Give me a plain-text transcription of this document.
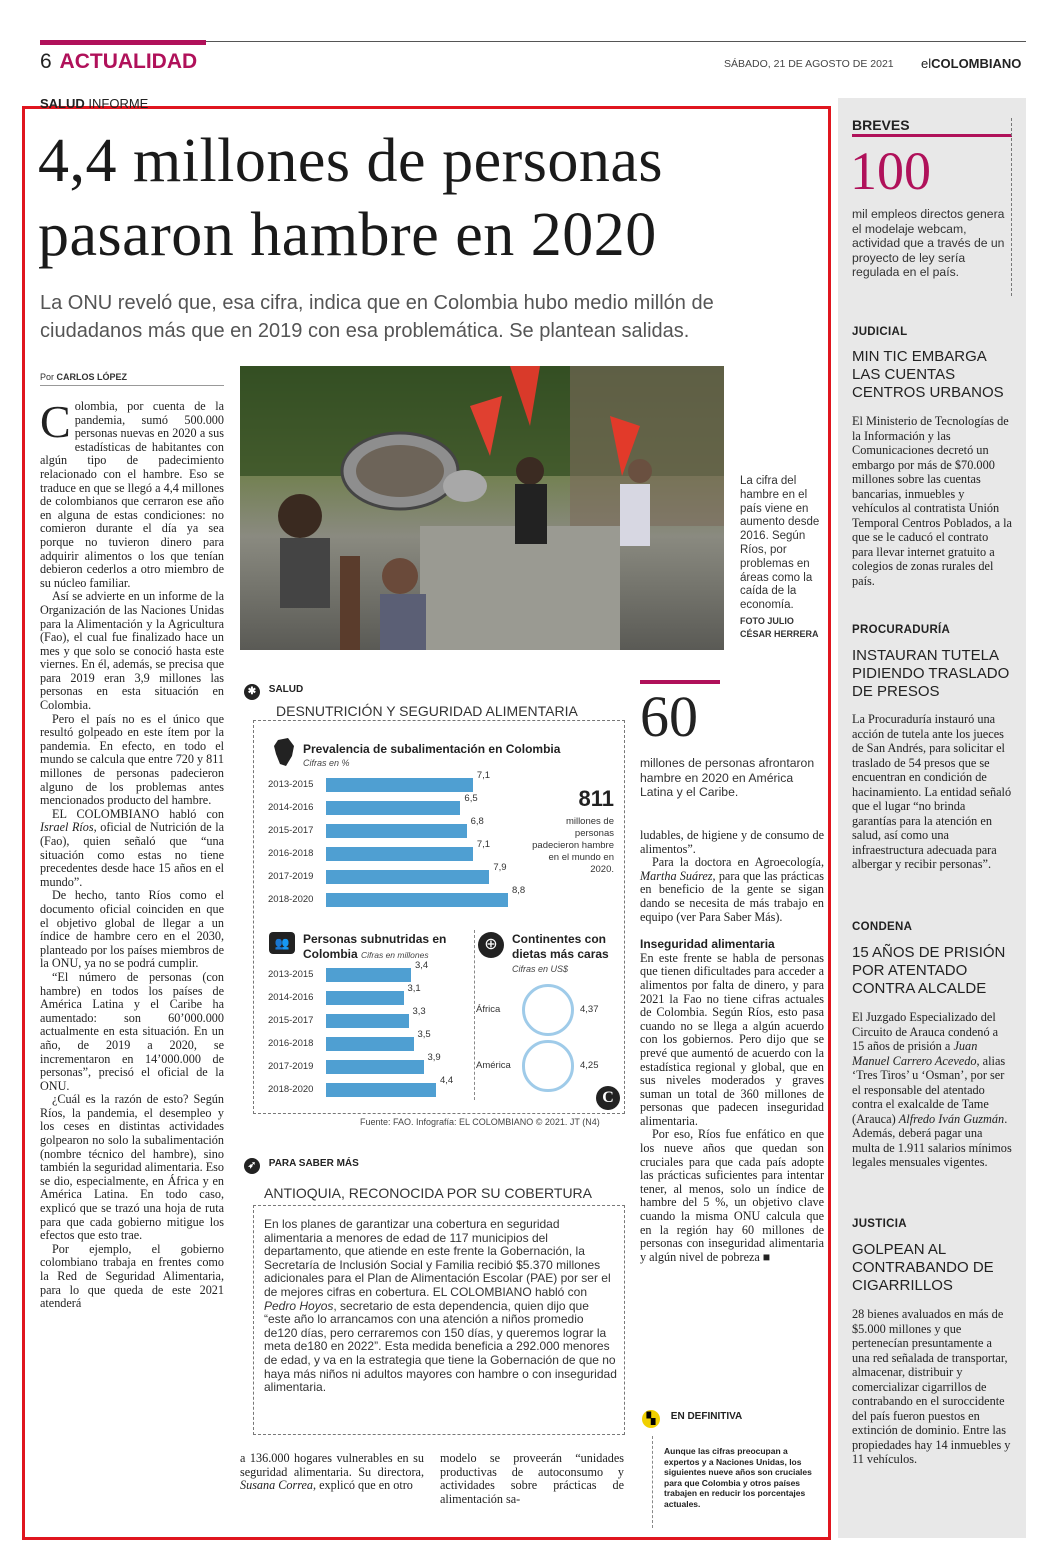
6 ACTUALIDAD	SÁBADO, 21 DE AGOSTO DE 2021 elCOLOMBIANO
SALUD INFORME
4,4 millones de personas
pasaron hambre en 2020
La ONU reveló que, esa cifra, indica que en Colombia hubo medio millón de
ciudadanos más que en 2019 con esa problemática. Se plantean salidas.
Por CARLOS LÓPEZ

Colombia, por cuenta de la pandemia, sumó 500.000 personas nuevas en 2020 a sus estadísticas de habitantes con algún tipo de padecimiento relacionado con el hambre. Eso se traduce en que se llegó a 4,4 millones de colombianos que cerraron ese año en alguna de estas condiciones: no comieron durante el día ya sea porque no tuvieron dinero para adquirir alimentos o los que tenían debieron cederlos a otro miembro de su núcleo familiar.

Así se advierte en un informe de la Organización de las Naciones Unidas para la Alimentación y la Agricultura (Fao), el cual fue finalizado hace un mes y que solo se conoció hasta este viernes. En él, además, se precisa que para 2019 eran 3,9 millones las personas en esta situación en Colombia.

Pero el país no es el único que resultó golpeado en este ítem por la pandemia. En efecto, en todo el mundo se calcula que entre 720 y 811 millones de personas padecieron alguno de los problemas antes mencionados producto del hambre.

EL COLOMBIANO habló con Israel Ríos, oficial de Nutrición de la (Fao), quien señaló que “una situación como estas no tiene precedentes desde hace 15 años en el mundo”.

De hecho, tanto Ríos como el documento oficial coinciden en que el objetivo global de llegar a un índice de hambre cero en el 2030, planteado por los países miembros de la ONU, ya no se podrá cumplir.

“El número de personas (con hambre) en todos los países de América Latina y el Caribe ha aumentado: son 60’000.000 actualmente en esta situación. En un año, de 2019 a 2020, se incrementaron en 14’000.000 de personas”, precisó el oficial de la ONU.

¿Cuál es la razón de esto? Según Ríos, la pandemia, el desempleo y los ceses en distintas actividades golpearon no solo la subalimentación (nombre técnico del hambre), sino también la seguridad alimentaria. Eso se dio, especialmente, en África y en América Latina. En todo caso, explicó que se trazó una hoja de ruta para que cada gobierno mitigue los efectos que esto trae.

Por ejemplo, el gobierno colombiano trabaja en frentes como la Red de Seguridad Alimentaria, para lo que queda de este 2021 atenderá

La cifra del hambre en el país viene en aumento desde 2016. Según Ríos, por problemas en áreas como la caída de la economía.
FOTO JULIO CÉSAR HERRERA
✱ SALUD
DESNUTRICIÓN Y SEGURIDAD ALIMENTARIA
Prevalencia de subalimentación en Colombia
Cifras en %
2013-2015
7,1
2014-2016
6,5
2015-2017
6,8
2016-2018
7,1
2017-2019
7,9
2018-2020
8,8
811
millones de personas padecieron hambre en el mundo en 2020.
👥	Personas subnutridas en Colombia Cifras en millones
2013-2015
3,4
2014-2016
3,1
2015-2017
3,3
2016-2018
3,5
2017-2019
3,9
2018-2020
4,4
⊕	Continentes con dietas más caras
Cifras en US$
África	4,37
América	4,25
C
Fuente: FAO. Infografía: EL COLOMBIANO © 2021. JT (N4)
➶ PARA SABER MÁS
ANTIOQUIA, RECONOCIDA POR SU COBERTURA
En los planes de garantizar una cobertura en seguridad alimentaria a menores de edad de 117 municipios del departamento, que atiende en este frente la Gobernación, la Secretaría de Inclusión Social y Familia recibió $5.370 millones adicionales para el Plan de Alimentación Escolar (PAE) por ser el de mejores cifras en cobertura. EL COLOMBIANO habló con Pedro Hoyos, secretario de esta dependencia, quien dijo que “este año lo arrancamos con una atención a niños promedio de120 días, pero cerraremos con 150 días, y queremos lograr la meta de180 en 2022”. Esta medida beneficia a 292.000 menores de edad, y va en la estrategia que tiene la Gobernación de que no haya más niños ni adultos mayores con hambre o con inseguridad alimentaria.
a 136.000 hogares vulnerables en su seguridad alimentaria. Su directora, Susana Correa, explicó que en otro
modelo se proveerán “unidades productivas de autoconsumo y actividades sobre prácticas de alimentación sa-
60
millones de personas afrontaron hambre en 2020 en América Latina y el Caribe.

ludables, de higiene y de consumo de alimentos”.

Para la doctora en Agroecología, Martha Suárez, para que las prácticas en beneficio de la gente se sigan dando se necesita de más trabajo en equipo (ver Para Saber Más).

Inseguridad alimentaria

En este frente se habla de personas que tienen dificultades para acceder a alimentos por falta de dinero, y para 2021 la Fao no tiene cifras actuales de Colombia. Según Ríos, esto pasa cuando no se llega a algún acuerdo con los gobiernos. Pero dijo que se prevé que aumentó de acuerdo con la estadística regional y global, que en sus niveles moderados y graves suman un total de 360 millones de personas que padecen inseguridad alimentaria.

Por eso, Ríos fue enfático en que los nueve años que quedan son cruciales para que cada país adopte las prácticas suficientes para intentar tener, al menos, solo un índice de hambre del 5 %, un objetivo clave cuando la misma ONU calcula que en la región hay 60 millones de personas con inseguridad alimentaria y algún nivel de pobreza ■

▚ EN DEFINITIVA
Aunque las cifras preocupan a expertos y a Naciones Unidas, los siguientes nueve años son cruciales para que Colombia y otros países trabajen en reducir los porcentajes actuales.
BREVES
100
mil empleos directos genera el modelaje webcam, actividad que a través de un proyecto de ley sería regulada en el país.
JUDICIAL
MIN TIC EMBARGA LAS CUENTAS CENTROS URBANOS
El Ministerio de Tecnologías de la Información y las Comunicaciones decretó un embargo por más de $70.000 millones sobre las cuentas bancarias, inmuebles y vehículos al contratista Unión Temporal Centros Poblados, a la que se le caducó el contrato para llevar internet gratuito a colegios de zonas rurales del país.
PROCURADURÍA
INSTAURAN TUTELA PIDIENDO TRASLADO DE PRESOS
La Procuraduría instauró una acción de tutela ante los jueces de San Andrés, para solicitar el traslado de 54 presos que se encuentran en condición de hacinamiento. La entidad señaló que el lugar “no brinda garantías para la atención en salud, así como una infraestructura adecuada para albergar y recibir personas”.
CONDENA
15 AÑOS DE PRISIÓN POR ATENTADO CONTRA ALCALDE
El Juzgado Especializado del Circuito de Arauca condenó a 15 años de prisión a Juan Manuel Carrero Acevedo, alias ‘Tres Tiros’ u ‘Osman’, por ser el responsable del atentado contra el exalcalde de Tame (Arauca) Alfredo Iván Guzmán. Además, deberá pagar una multa de 1.911 salarios mínimos legales mensuales vigentes.
JUSTICIA
GOLPEAN AL CONTRABANDO DE CIGARRILLOS
28 bienes avaluados en más de $5.000 millones y que pertenecían presuntamente a una red señalada de transportar, almacenar, distribuir y comercializar cigarrillos de contrabando en el suroccidente del país fueron puestos en extinción de dominio. Entre las propiedades hay 14 inmuebles y 11 vehículos.
